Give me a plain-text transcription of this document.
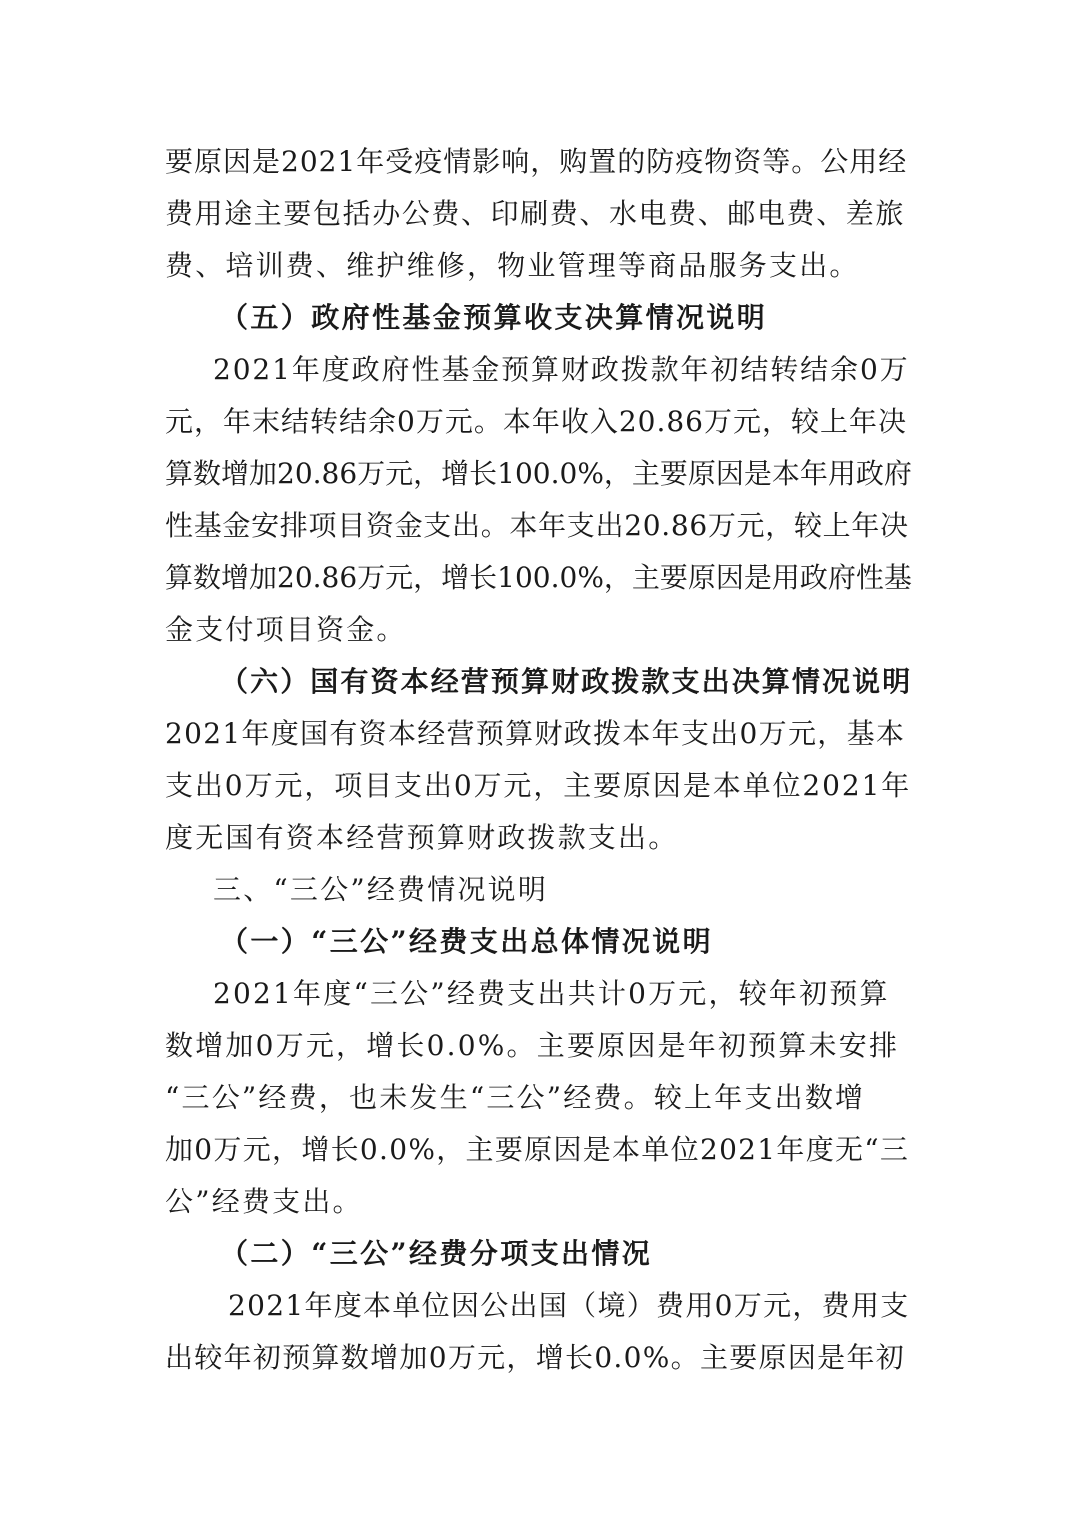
要原因是2021年受疫情影响，购置的防疫物资等。公用经
费用途主要包括办公费、印刷费、水电费、邮电费、差旅
费、培训费、维护维修，物业管理等商品服务支出。
（五）政府性基金预算收支决算情况说明
2021年度政府性基金预算财政拨款年初结转结余0万
元，年末结转结余0万元。本年收入20.86万元，较上年决
算数增加20.86万元，增长100.0%，主要原因是本年用政府
性基金安排项目资金支出。本年支出20.86万元，较上年决
算数增加20.86万元，增长100.0%，主要原因是用政府性基
金支付项目资金。
（六）国有资本经营预算财政拨款支出决算情况说明
2021年度国有资本经营预算财政拨本年支出0万元，基本
支出0万元，项目支出0万元，主要原因是本单位2021年
度无国有资本经营预算财政拨款支出。
三、“三公”经费情况说明
（一）“三公”经费支出总体情况说明
2021年度“三公”经费支出共计0万元，较年初预算
数增加0万元，增长0.0%。主要原因是年初预算未安排
“三公”经费，也未发生“三公”经费。较上年支出数增
加0万元，增长0.0%，主要原因是本单位2021年度无“三
公”经费支出。
（二）“三公”经费分项支出情况
2021年度本单位因公出国（境）费用0万元，费用支
出较年初预算数增加0万元，增长0.0%。主要原因是年初
